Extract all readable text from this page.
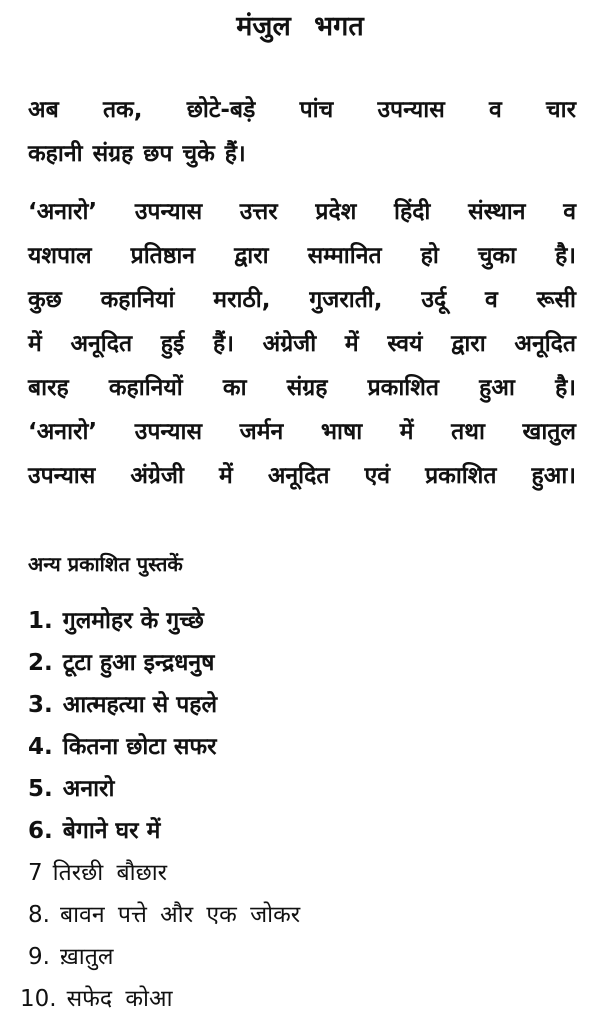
मंजुल भगत
अब तक, छोटे-बड़े पांच उपन्यास व चार
कहानी संग्रह छप चुके हैं।
‘अनारो’ उपन्यास उत्तर प्रदेश हिंदी संस्थान व
यशपाल प्रतिष्ठान द्वारा सम्मानित हो चुका है।
कुछ कहानियां मराठी, गुजराती, उर्दू व रूसी
में अनूदित हुई हैं। अंग्रेजी में स्वयं द्वारा अनूदित
बारह कहानियों का संग्रह प्रकाशित हुआ है।
‘अनारो’ उपन्यास जर्मन भाषा में तथा खातुल
उपन्यास अंग्रेजी में अनूदित एवं प्रकाशित हुआ।
अन्य प्रकाशित पुस्तकें
1. गुलमोहर के गुच्छे
2. टूटा हुआ इन्द्रधनुष
3. आत्महत्या से पहले
4. कितना छोटा सफर
5. अनारो
6. बेगाने घर में
7 तिरछी बौछार
8. बावन पत्ते और एक जोकर
9. ख़ातुल
10. सफेद कोआ
